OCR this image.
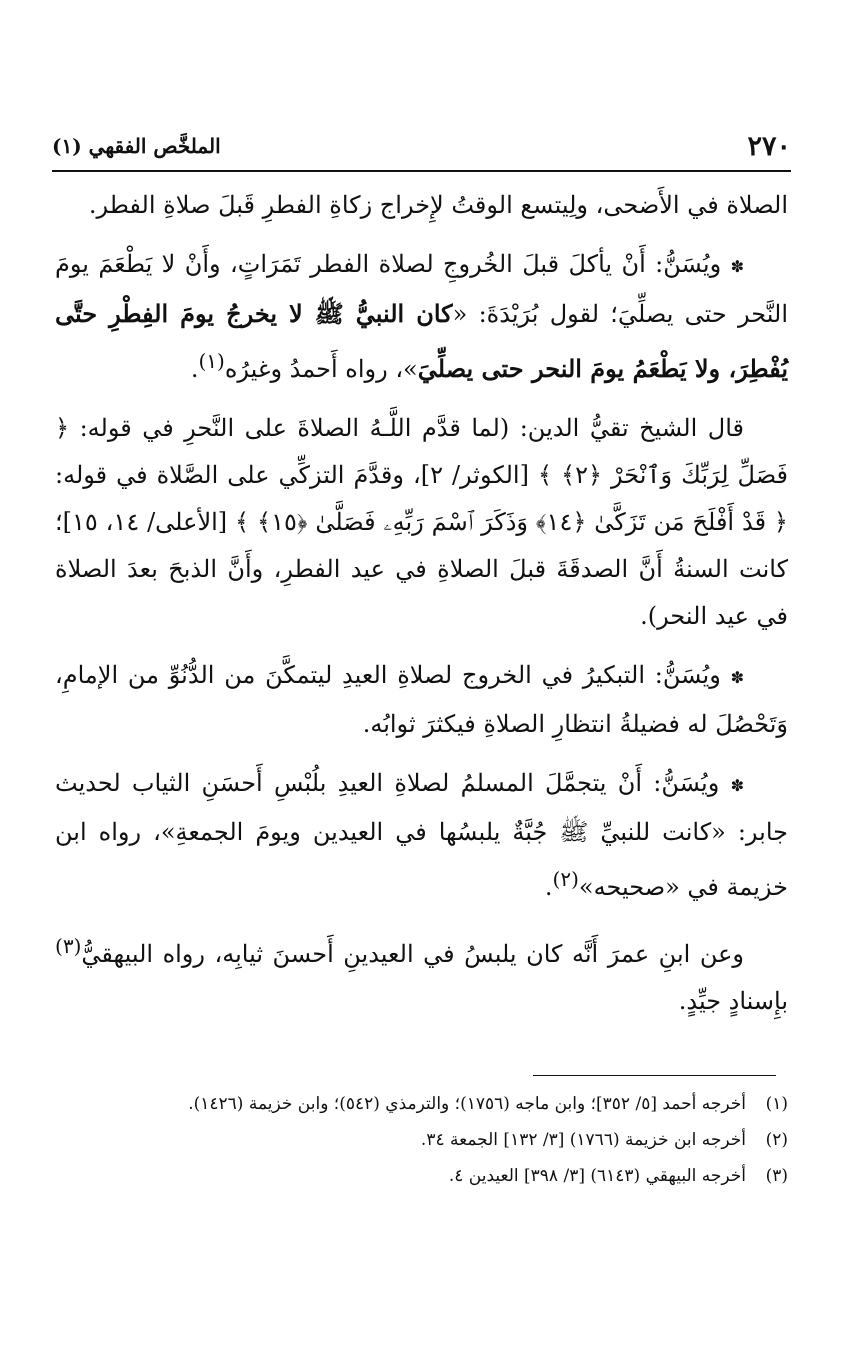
٢٧٠
الملخَّص الفقهي (١)

الصلاة في الأَضحى، ولِيتسع الوقتُ لإِخراج زكاةِ الفطرِ قَبلَ صلاةِ الفطر.

✽ ويُسَنُّ: أَنْ يأكلَ قبلَ الخُروجِ لصلاة الفطر تَمَرَاتٍ، وأَنْ لا يَطْعَمَ يومَ النَّحر حتى يصلِّيَ؛ لقول بُرَيْدَةَ: «كان النبيُّ ﷺ لا يخرجُ يومَ الفِطْرِ حتَّى يُفْطِرَ، ولا يَطْعَمُ يومَ النحر حتى يصلِّيَ»، رواه أَحمدُ وغيرُه$^{(١)}$.

قال الشيخ تقيُّ الدين: (لما قدَّم اللَّـهُ الصلاةَ على النَّحرِ في قوله: ﴿ فَصَلِّ لِرَبِّكَ وَٱنْحَرْ ﴿٢﴾ ﴾ [الكوثر/ ٢]، وقدَّمَ التزكِّي على الصَّلاة في قوله: ﴿ قَدْ أَفْلَحَ مَن تَزَكَّىٰ ﴿١٤﴾ وَذَكَرَ ٱسْمَ رَبِّهِۦ فَصَلَّىٰ ﴿١٥﴾ ﴾ [الأعلى/ ١٤، ١٥]؛ كانت السنةُ أَنَّ الصدقَةَ قبلَ الصلاةِ في عيد الفطرِ، وأَنَّ الذبحَ بعدَ الصلاة في عيد النحر).

✽ ويُسَنُّ: التبكيرُ في الخروج لصلاةِ العيدِ ليتمكَّنَ من الدُّنُوِّ من الإمامِ، وَتَحْصُلَ له فضيلةُ انتظارِ الصلاةِ فيكثرَ ثوابُه.

✽ ويُسَنُّ: أَنْ يتجمَّلَ المسلمُ لصلاةِ العيدِ بلُبْسِ أَحسَنِ الثياب لحديث جابر: «كانت للنبيِّ ﷺ جُبَّةٌ يلبسُها في العيدين ويومَ الجمعةِ»، رواه ابن خزيمة في «صحيحه»$^{(٢)}$.

وعن ابنِ عمرَ أَنَّه كان يلبسُ في العيدينِ أَحسنَ ثيابِه، رواه البيهقيُّ$^{(٣)}$ بإِسنادٍ جيِّدٍ.

(١)أخرجه أحمد [٥/ ٣٥٢]؛ وابن ماجه (١٧٥٦)؛ والترمذي (٥٤٢)؛ وابن خزيمة (١٤٢٦).

(٢)أخرجه ابن خزيمة (١٧٦٦) [٣/ ١٣٢] الجمعة ٣٤.

(٣)أخرجه البيهقي (٦١٤٣) [٣/ ٣٩٨] العيدين ٤.
